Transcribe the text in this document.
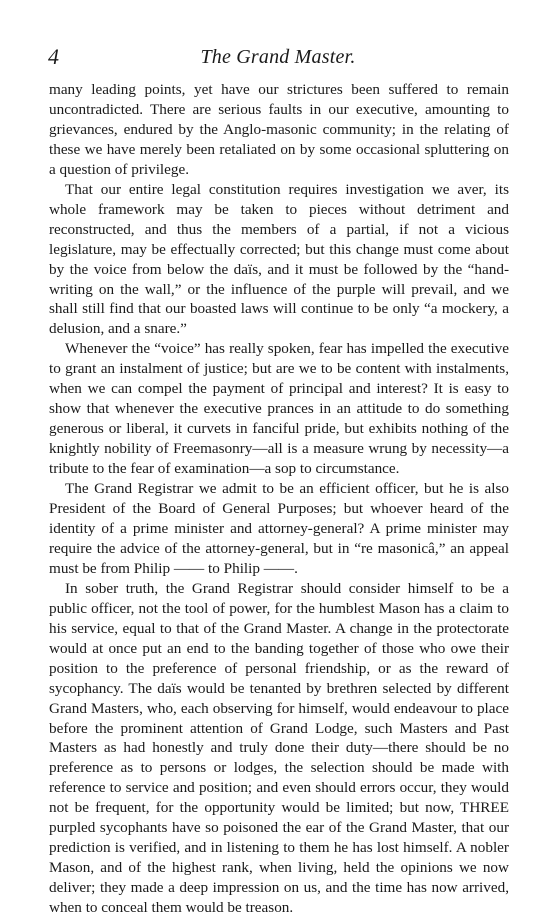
4	The Grand Master.

many leading points, yet have our strictures been suffered to remain uncontradicted. There are serious faults in our executive, amounting to grievances, endured by the Anglo-masonic community; in the relating of these we have merely been retaliated on by some occasional spluttering on a question of privilege.

That our entire legal constitution requires investigation we aver, its whole framework may be taken to pieces without detriment and reconstructed, and thus the members of a partial, if not a vicious legislature, may be effectually corrected; but this change must come about by the voice from below the daïs, and it must be followed by the “hand-writing on the wall,” or the influence of the purple will prevail, and we shall still find that our boasted laws will continue to be only “a mockery, a delusion, and a snare.”

Whenever the “voice” has really spoken, fear has impelled the executive to grant an instalment of justice; but are we to be content with instalments, when we can compel the payment of principal and interest? It is easy to show that whenever the executive prances in an attitude to do something generous or liberal, it curvets in fanciful pride, but exhibits nothing of the knightly nobility of Freemasonry—all is a measure wrung by necessity—a tribute to the fear of examination—a sop to circumstance.

The Grand Registrar we admit to be an efficient officer, but he is also President of the Board of General Purposes; but whoever heard of the identity of a prime minister and attorney-general? A prime minister may require the advice of the attorney-general, but in “re masonicâ,” an appeal must be from Philip —— to Philip ——.

In sober truth, the Grand Registrar should consider himself to be a public officer, not the tool of power, for the humblest Mason has a claim to his service, equal to that of the Grand Master. A change in the protectorate would at once put an end to the banding together of those who owe their position to the preference of personal friendship, or as the reward of sycophancy. The daïs would be tenanted by brethren selected by different Grand Masters, who, each observing for himself, would endeavour to place before the prominent attention of Grand Lodge, such Masters and Past Masters as had honestly and truly done their duty—there should be no preference as to persons or lodges, the selection should be made with reference to service and position; and even should errors occur, they would not be frequent, for the opportunity would be limited; but now, THREE purpled sycophants have so poisoned the ear of the Grand Master, that our prediction is verified, and in listening to them he has lost himself. A nobler Mason, and of the highest rank, when living, held the opinions we now deliver; they made a deep impression on us, and the time has now arrived, when to conceal them would be treason.
